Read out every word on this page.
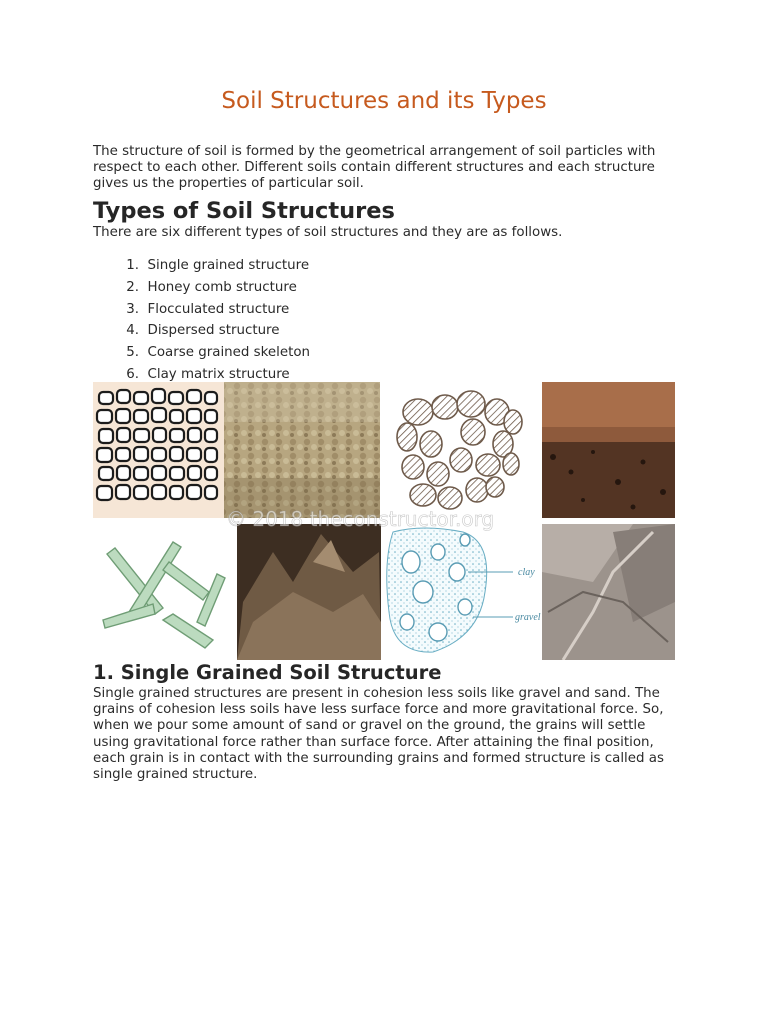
Soil Structures and its Types

The structure of soil is formed by the geometrical arrangement of soil particles with respect to each other. Different soils contain different structures and each structure gives us the properties of particular soil.

Types of Soil Structures

There are six different types of soil structures and they are as follows.

1.
Single grained structure
2.
Honey comb structure
3.
Flocculated structure
4.
Dispersed structure
5.
Coarse grained skeleton
6.
Clay matrix structure
1. Single Grained Soil Structure

Single grained structures are present in cohesion less soils like gravel and sand. The grains of cohesion less soils have less surface force and more gravitational force. So, when we pour some amount of sand or gravel on the ground, the grains will settle using gravitational force rather than surface force. After attaining the final position, each grain is in contact with the surrounding grains and formed structure is called as single grained structure.

clay
gravel
© 2018 theconstructor.org
